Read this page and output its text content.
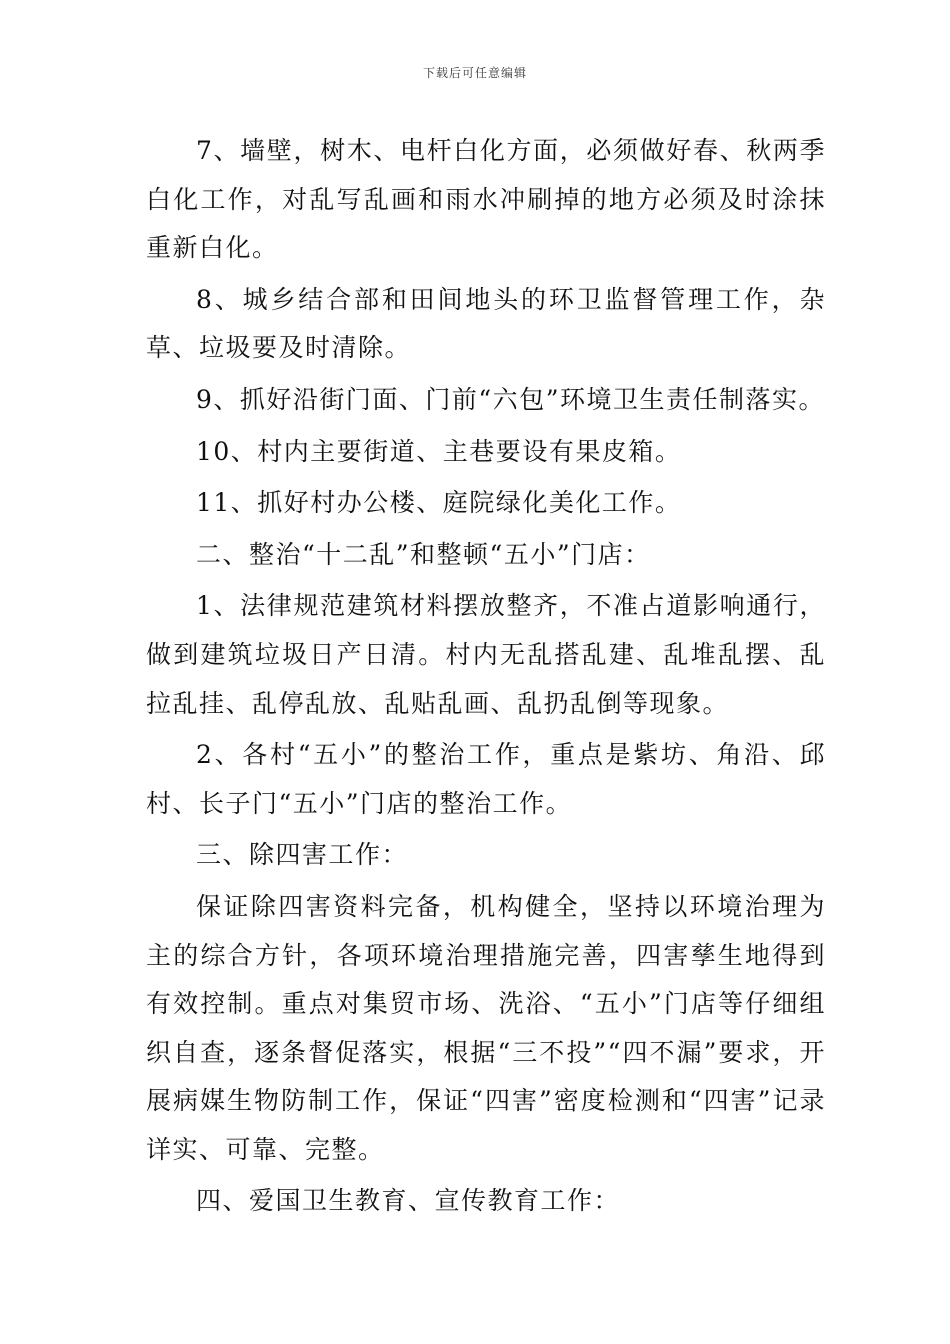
下载后可任意编辑

7、墙壁，树木、电杆白化方面，必须做好春、秋两季白化工作，对乱写乱画和雨水冲刷掉的地方必须及时涂抹重新白化。

8、城乡结合部和田间地头的环卫监督管理工作，杂草、垃圾要及时清除。

9、抓好沿街门面、门前“六包”环境卫生责任制落实。

10、村内主要街道、主巷要设有果皮箱。

11、抓好村办公楼、庭院绿化美化工作。

二、整治“十二乱”和整顿“五小”门店：

1、法律规范建筑材料摆放整齐，不准占道影响通行，做到建筑垃圾日产日清。村内无乱搭乱建、乱堆乱摆、乱拉乱挂、乱停乱放、乱贴乱画、乱扔乱倒等现象。

2、各村“五小”的整治工作，重点是紫坊、角沿、邱村、长子门“五小”门店的整治工作。

三、除四害工作：

保证除四害资料完备，机构健全，坚持以环境治理为主的综合方针，各项环境治理措施完善，四害孳生地得到有效控制。重点对集贸市场、洗浴、“五小”门店等仔细组织自查，逐条督促落实，根据“三不投”“四不漏”要求，开展病媒生物防制工作，保证“四害”密度检测和“四害”记录详实、可靠、完整。

四、爱国卫生教育、宣传教育工作：
